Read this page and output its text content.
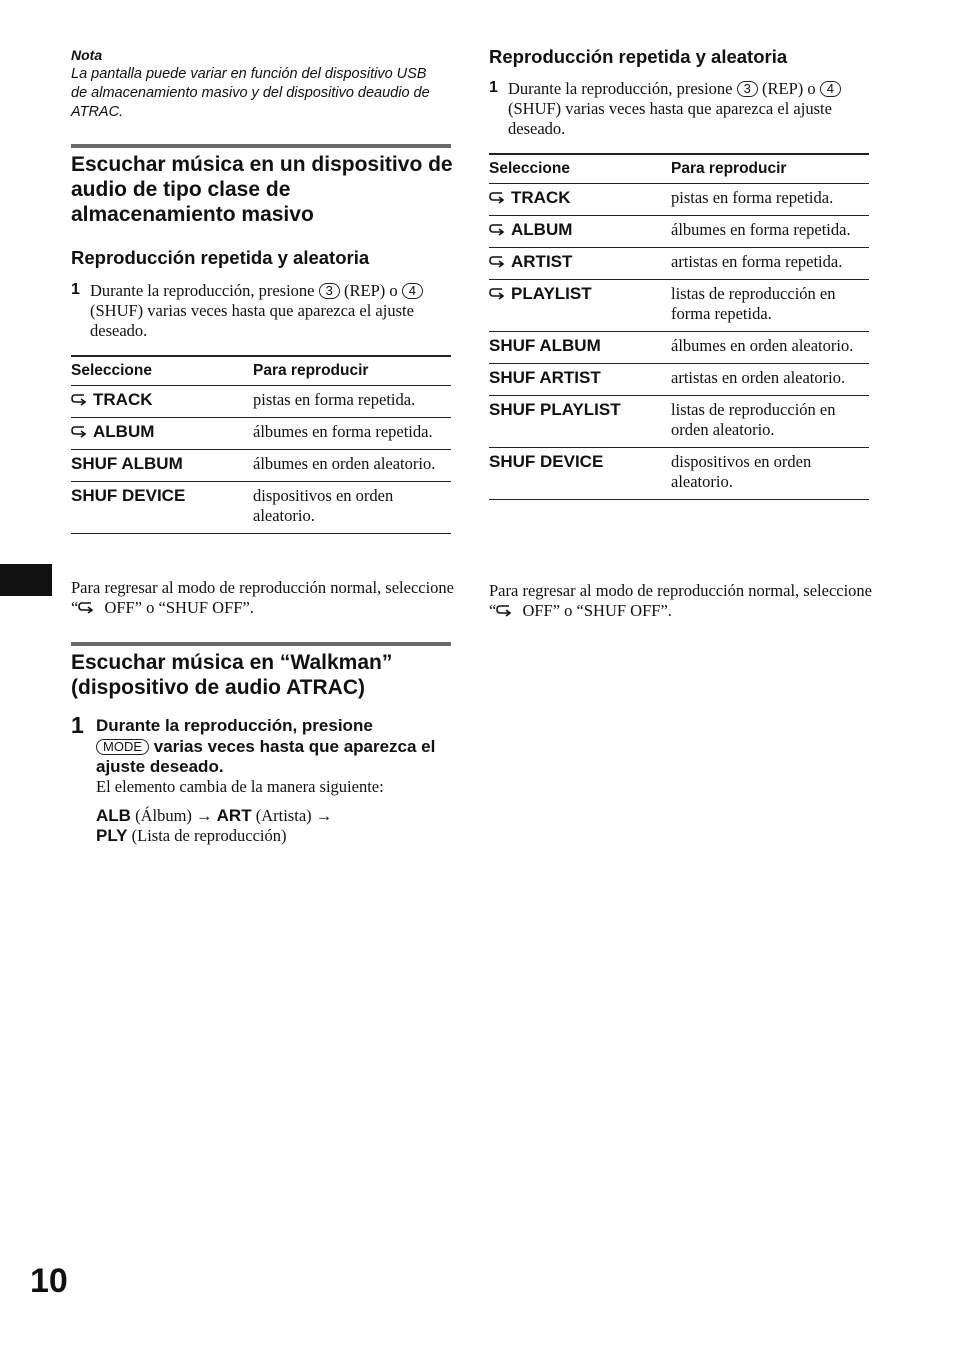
Nota
La pantalla puede variar en función del dispositivo USB de almacenamiento masivo y del dispositivo deaudio de ATRAC.
Escuchar música en un dispositivo de audio de tipo clase de almacenamiento masivo
Reproducción repetida y aleatoria
1 Durante la reproducción, presione 3 (REP) o 4 (SHUF) varias veces hasta que aparezca el ajuste deseado.
Seleccione	Para reproducir
TRACK	pistas en forma repetida.
ALBUM	álbumes en forma repetida.
SHUF ALBUM	álbumes en orden aleatorio.
SHUF DEVICE	dispositivos en orden aleatorio.
Para regresar al modo de reproducción normal, seleccione “ OFF” o “SHUF OFF”.
Escuchar música en “Walkman” (dispositivo de audio ATRAC)
1 Durante la reproducción, presione
MODE varias veces hasta que aparezca el ajuste deseado.
El elemento cambia de la manera siguiente:
ALB (Álbum) → ART (Artista) →
PLY (Lista de reproducción)
Reproducción repetida y aleatoria
1 Durante la reproducción, presione 3 (REP) o 4 (SHUF) varias veces hasta que aparezca el ajuste deseado.
Seleccione	Para reproducir
TRACK	pistas en forma repetida.
ALBUM	álbumes en forma repetida.
ARTIST	artistas en forma repetida.
PLAYLIST	listas de reproducción en forma repetida.
SHUF ALBUM	álbumes en orden aleatorio.
SHUF ARTIST	artistas en orden aleatorio.
SHUF PLAYLIST	listas de reproducción en orden aleatorio.
SHUF DEVICE	dispositivos en orden aleatorio.
Para regresar al modo de reproducción normal, seleccione “ OFF” o “SHUF OFF”.
10
